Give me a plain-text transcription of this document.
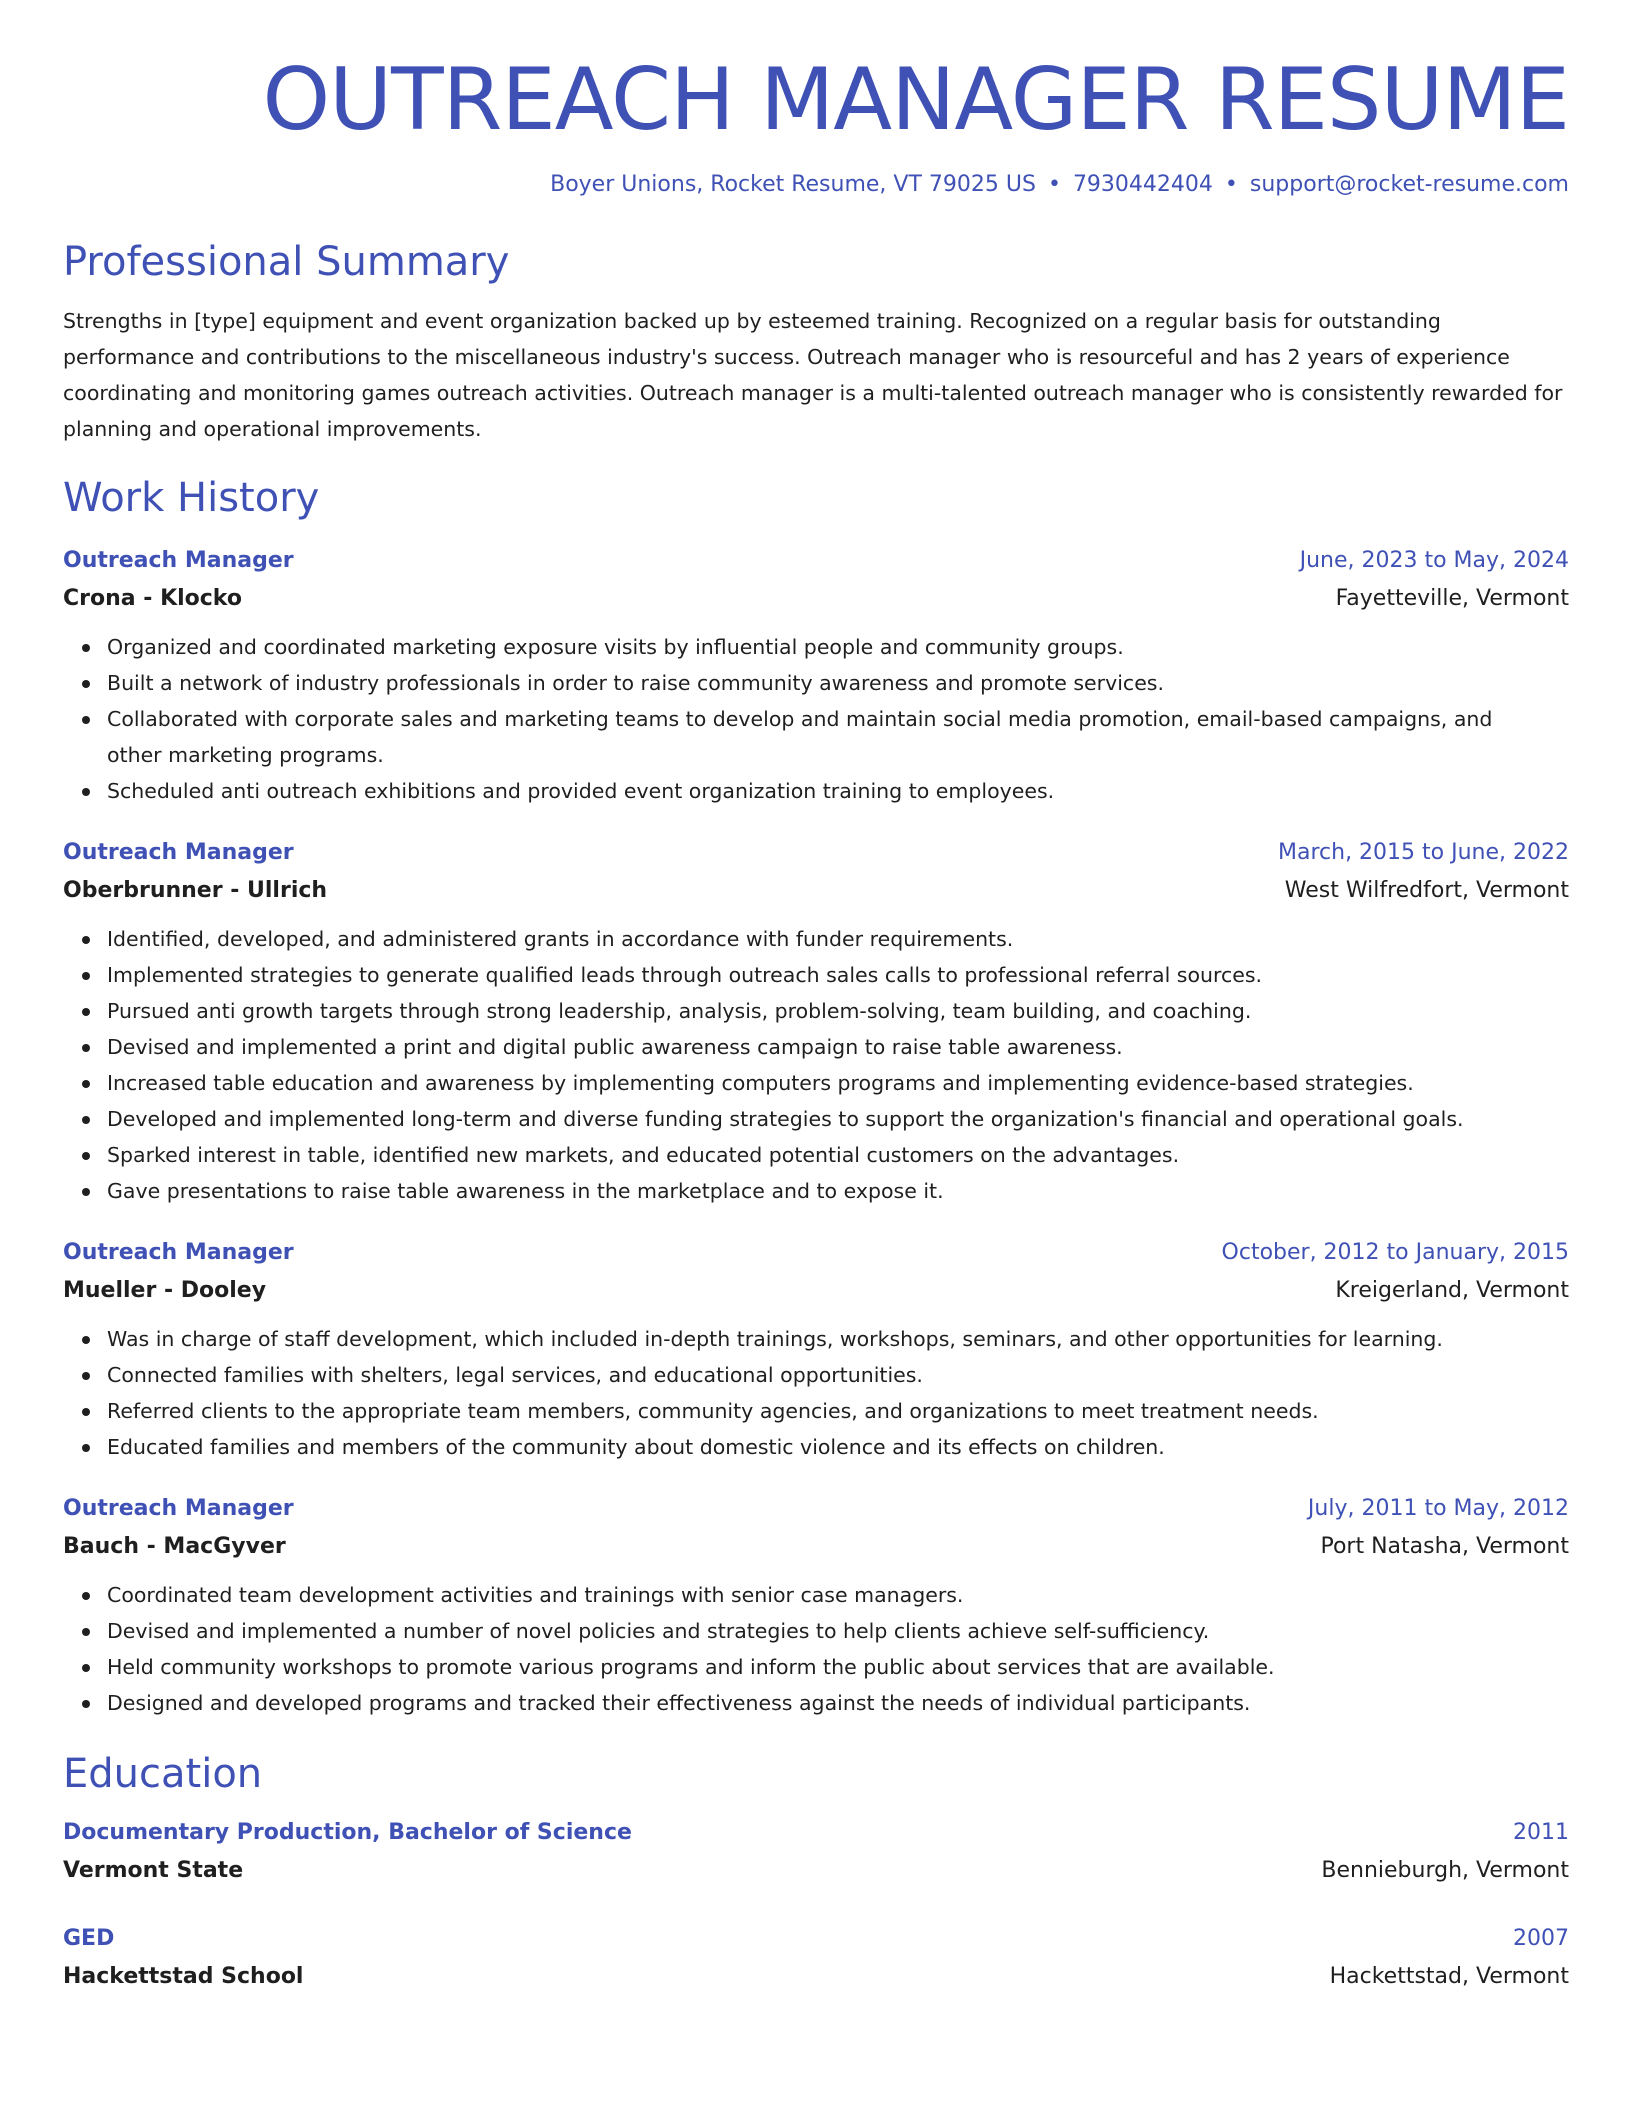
OUTREACH MANAGER RESUME
Boyer Unions, Rocket Resume, VT 79025 US • 7930442404 • support@rocket-resume.com
Professional Summary

Strengths in [type] equipment and event organization backed up by esteemed training. Recognized on a regular basis for outstanding performance and contributions to the miscellaneous industry's success. Outreach manager who is resourceful and has 2 years of experience coordinating and monitoring games outreach activities. Outreach manager is a multi-talented outreach manager who is consistently rewarded for planning and operational improvements.

Work History
Outreach Manager	June, 2023 to May, 2024
Crona - Klocko	Fayetteville, Vermont
Organized and coordinated marketing exposure visits by influential people and community groups.
Built a network of industry professionals in order to raise community awareness and promote services.
Collaborated with corporate sales and marketing teams to develop and maintain social media promotion, email-based campaigns, and other marketing programs.
Scheduled anti outreach exhibitions and provided event organization training to employees.
Outreach Manager	March, 2015 to June, 2022
Oberbrunner - Ullrich	West Wilfredfort, Vermont
Identified, developed, and administered grants in accordance with funder requirements.
Implemented strategies to generate qualified leads through outreach sales calls to professional referral sources.
Pursued anti growth targets through strong leadership, analysis, problem-solving, team building, and coaching.
Devised and implemented a print and digital public awareness campaign to raise table awareness.
Increased table education and awareness by implementing computers programs and implementing evidence-based strategies.
Developed and implemented long-term and diverse funding strategies to support the organization's financial and operational goals.
Sparked interest in table, identified new markets, and educated potential customers on the advantages.
Gave presentations to raise table awareness in the marketplace and to expose it.
Outreach Manager	October, 2012 to January, 2015
Mueller - Dooley	Kreigerland, Vermont
Was in charge of staff development, which included in-depth trainings, workshops, seminars, and other opportunities for learning.
Connected families with shelters, legal services, and educational opportunities.
Referred clients to the appropriate team members, community agencies, and organizations to meet treatment needs.
Educated families and members of the community about domestic violence and its effects on children.
Outreach Manager	July, 2011 to May, 2012
Bauch - MacGyver	Port Natasha, Vermont
Coordinated team development activities and trainings with senior case managers.
Devised and implemented a number of novel policies and strategies to help clients achieve self-sufficiency.
Held community workshops to promote various programs and inform the public about services that are available.
Designed and developed programs and tracked their effectiveness against the needs of individual participants.
Education
Documentary Production, Bachelor of Science	2011
Vermont State	Bennieburgh, Vermont
GED	2007
Hackettstad School	Hackettstad, Vermont
